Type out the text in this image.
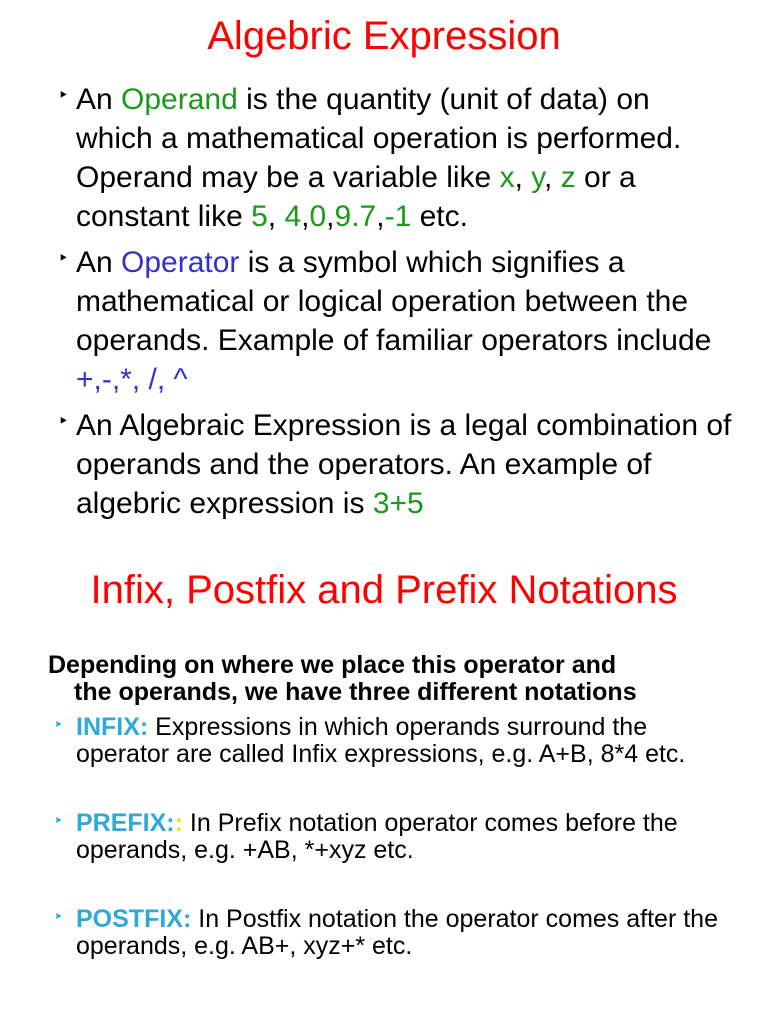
Algebric Expression
‣ An Operand is the quantity (unit of data) on which a mathematical operation is performed. Operand may be a variable like x, y, z or a constant like 5, 4,0,9.7,-1 etc.
‣ An Operator is a symbol which signifies a mathematical or logical operation between the operands. Example of familiar operators include +,-,*, /, ^
‣ An Algebraic Expression is a legal combination of operands and the operators. An example of algebric expression is 3+5
Infix, Postfix and Prefix Notations

Depending on where we place this operator and
the operands, we have three different notations

‣ INFIX: Expressions in which operands surround the operator are called Infix expressions, e.g. A+B, 8*4 etc.
‣ PREFIX:: In Prefix notation operator comes before the operands, e.g. +AB, *+xyz etc.
‣ POSTFIX: In Postfix notation the operator comes after the operands, e.g. AB+, xyz+* etc.
